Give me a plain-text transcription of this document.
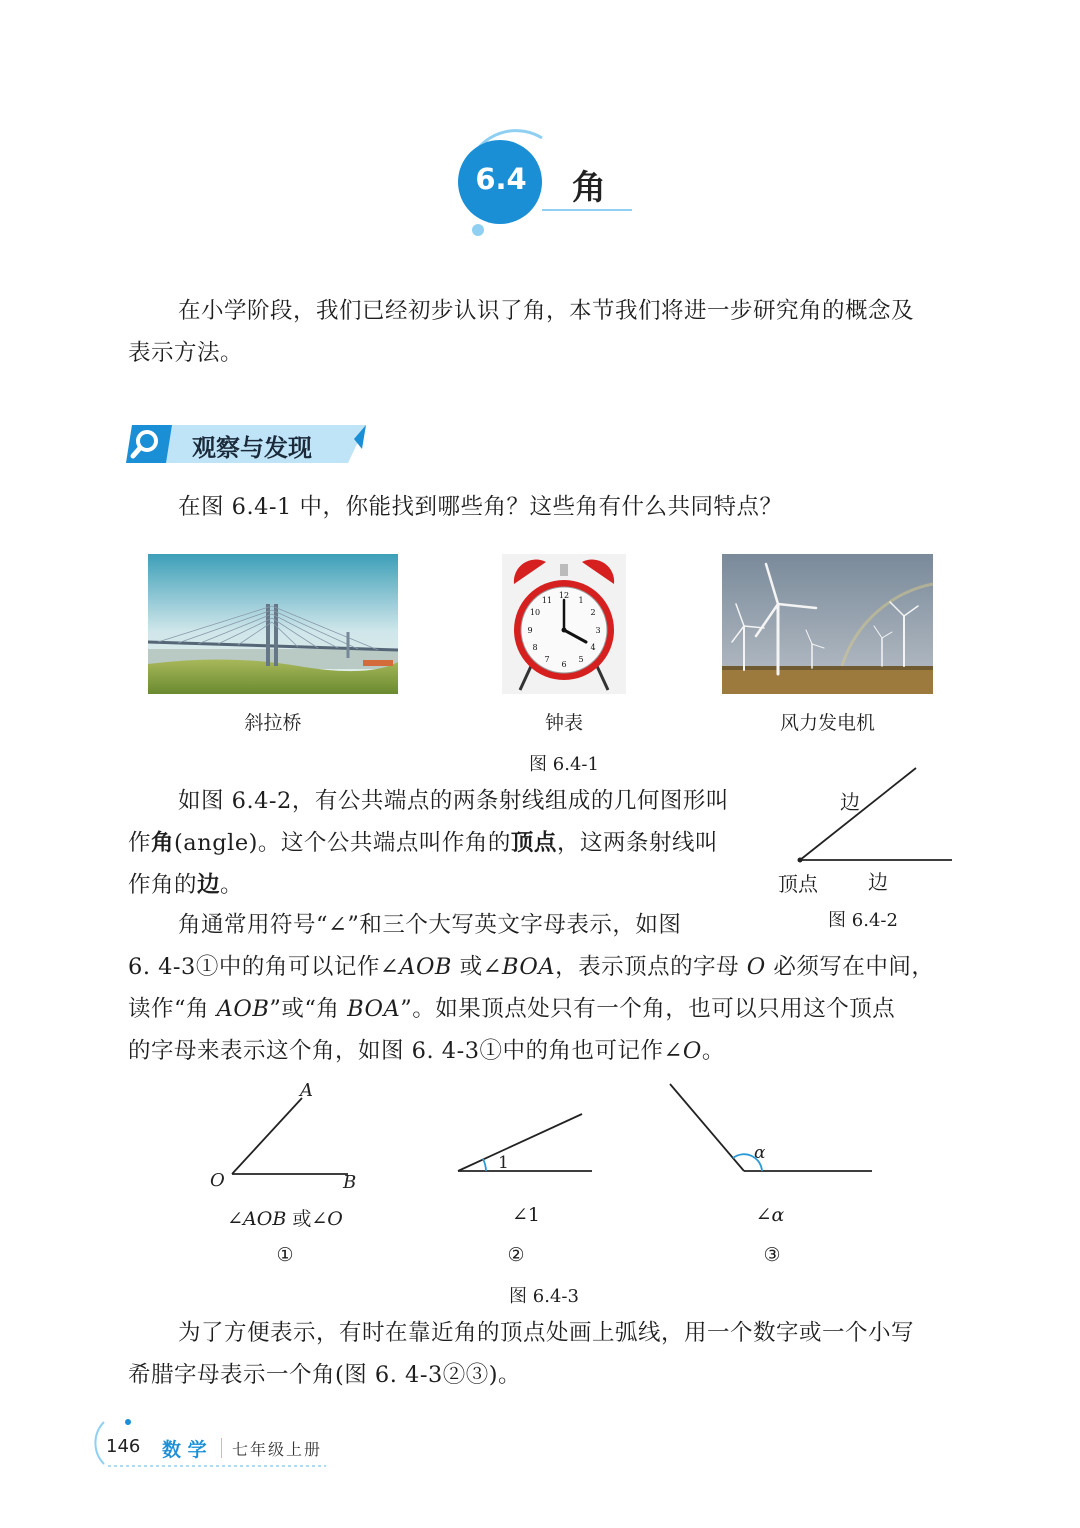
6.4	角
在小学阶段，我们已经初步认识了角，本节我们将进一步研究角的概念及
表示方法。
观察与发现
在图 6.4-1 中，你能找到哪些角？这些角有什么共同特点？
12
1
2
3
4
5
6
7
8
9
10
11
斜拉桥	钟表	风力发电机
图 6.4-1
如图 6.4-2，有公共端点的两条射线组成的几何图形叫
作角(angle)。这个公共端点叫作角的顶点，这两条射线叫
作角的边。
边
顶点	边
图 6.4-2
角通常用符号“∠”和三个大写英文字母表示，如图
6. 4-3①中的角可以记作∠AOB 或∠BOA，表示顶点的字母 O 必须写在中间，
读作“角 AOB”或“角 BOA”。如果顶点处只有一个角，也可以只用这个顶点
的字母来表示这个角，如图 6. 4-3①中的角也可记作∠O。
A
O	B
1	α
∠AOB 或∠O	∠1	∠α
①	②	③
图 6.4-3
为了方便表示，有时在靠近角的顶点处画上弧线，用一个数字或一个小写
希腊字母表示一个角(图 6. 4-3②③)。
146 数 学 七年级上册
